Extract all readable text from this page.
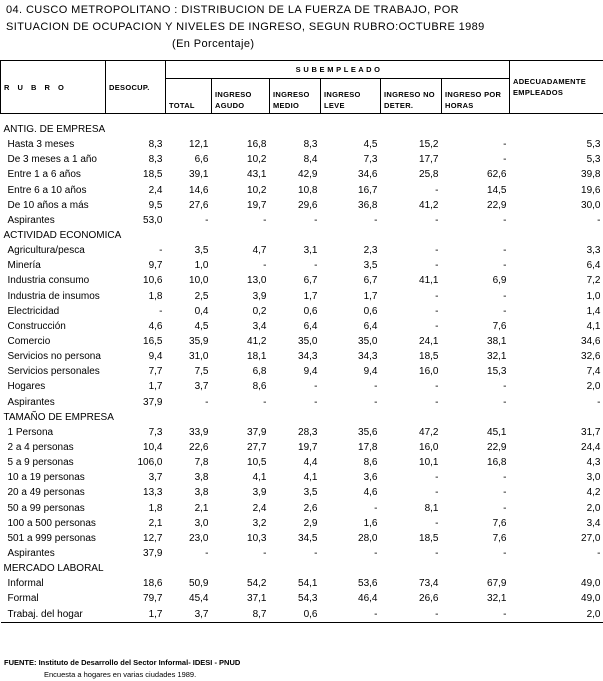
04. CUSCO METROPOLITANO : DISTRIBUCION DE LA FUERZA DE TRABAJO, POR
SITUACION DE OCUPACION Y NIVELES DE INGRESO, SEGUN RUBRO:OCTUBRE 1989
(En Porcentaje)
R U B R O	DESOCUP.	S U B E M P L E A D O						ADECUADAMENTE EMPLEADOS
		TOTAL	INGRESO AGUDO	INGRESO MEDIO	INGRESO LEVE	INGRESO NO DETER.	INGRESO POR HORAS	

ANTIG. DE EMPRESA								
Hasta 3 meses	8,3	12,1	16,8	8,3	4,5	15,2	-	5,3
De 3 meses a 1 año	8,3	6,6	10,2	8,4	7,3	17,7	-	5,3
Entre 1 a 6 años	18,5	39,1	43,1	42,9	34,6	25,8	62,6	39,8
Entre 6 a 10 años	2,4	14,6	10,2	10,8	16,7	-	14,5	19,6
De 10 años a más	9,5	27,6	19,7	29,6	36,8	41,2	22,9	30,0
Aspirantes	53,0	-	-	-	-	-	-	-
ACTIVIDAD ECONOMICA								
Agricultura/pesca	-	3,5	4,7	3,1	2,3	-	-	3,3
Minería	9,7	1,0	-	-	3,5	-	-	6,4
Industria consumo	10,6	10,0	13,0	6,7	6,7	41,1	6,9	7,2
Industria de insumos	1,8	2,5	3,9	1,7	1,7	-	-	1,0
Electricidad	-	0,4	0,2	0,6	0,6	-	-	1,4
Construcción	4,6	4,5	3,4	6,4	6,4	-	7,6	4,1
Comercio	16,5	35,9	41,2	35,0	35,0	24,1	38,1	34,6
Servicios no persona	9,4	31,0	18,1	34,3	34,3	18,5	32,1	32,6
Servicios personales	7,7	7,5	6,8	9,4	9,4	16,0	15,3	7,4
Hogares	1,7	3,7	8,6	-	-	-	-	2,0
Aspirantes	37,9	-	-	-	-	-	-	-
TAMAÑO DE EMPRESA								
1 Persona	7,3	33,9	37,9	28,3	35,6	47,2	45,1	31,7
2 a 4 personas	10,4	22,6	27,7	19,7	17,8	16,0	22,9	24,4
5 a 9 personas	106,0	7,8	10,5	4,4	8,6	10,1	16,8	4,3
10 a 19 personas	3,7	3,8	4,1	4,1	3,6	-	-	3,0
20 a 49 personas	13,3	3,8	3,9	3,5	4,6	-	-	4,2
50 a 99 personas	1,8	2,1	2,4	2,6	-	8,1	-	2,0
100 a 500 personas	2,1	3,0	3,2	2,9	1,6	-	7,6	3,4
501 a 999 personas	12,7	23,0	10,3	34,5	28,0	18,5	7,6	27,0
Aspirantes	37,9	-	-	-	-	-	-	-
MERCADO LABORAL								
Informal	18,6	50,9	54,2	54,1	53,6	73,4	67,9	49,0
Formal	79,7	45,4	37,1	54,3	46,4	26,6	32,1	49,0
Trabaj. del hogar	1,7	3,7	8,7	0,6	-	-	-	2,0
FUENTE: Instituto de Desarrollo del Sector Informal- IDESI - PNUD
Encuesta a hogares en varias ciudades 1989.
